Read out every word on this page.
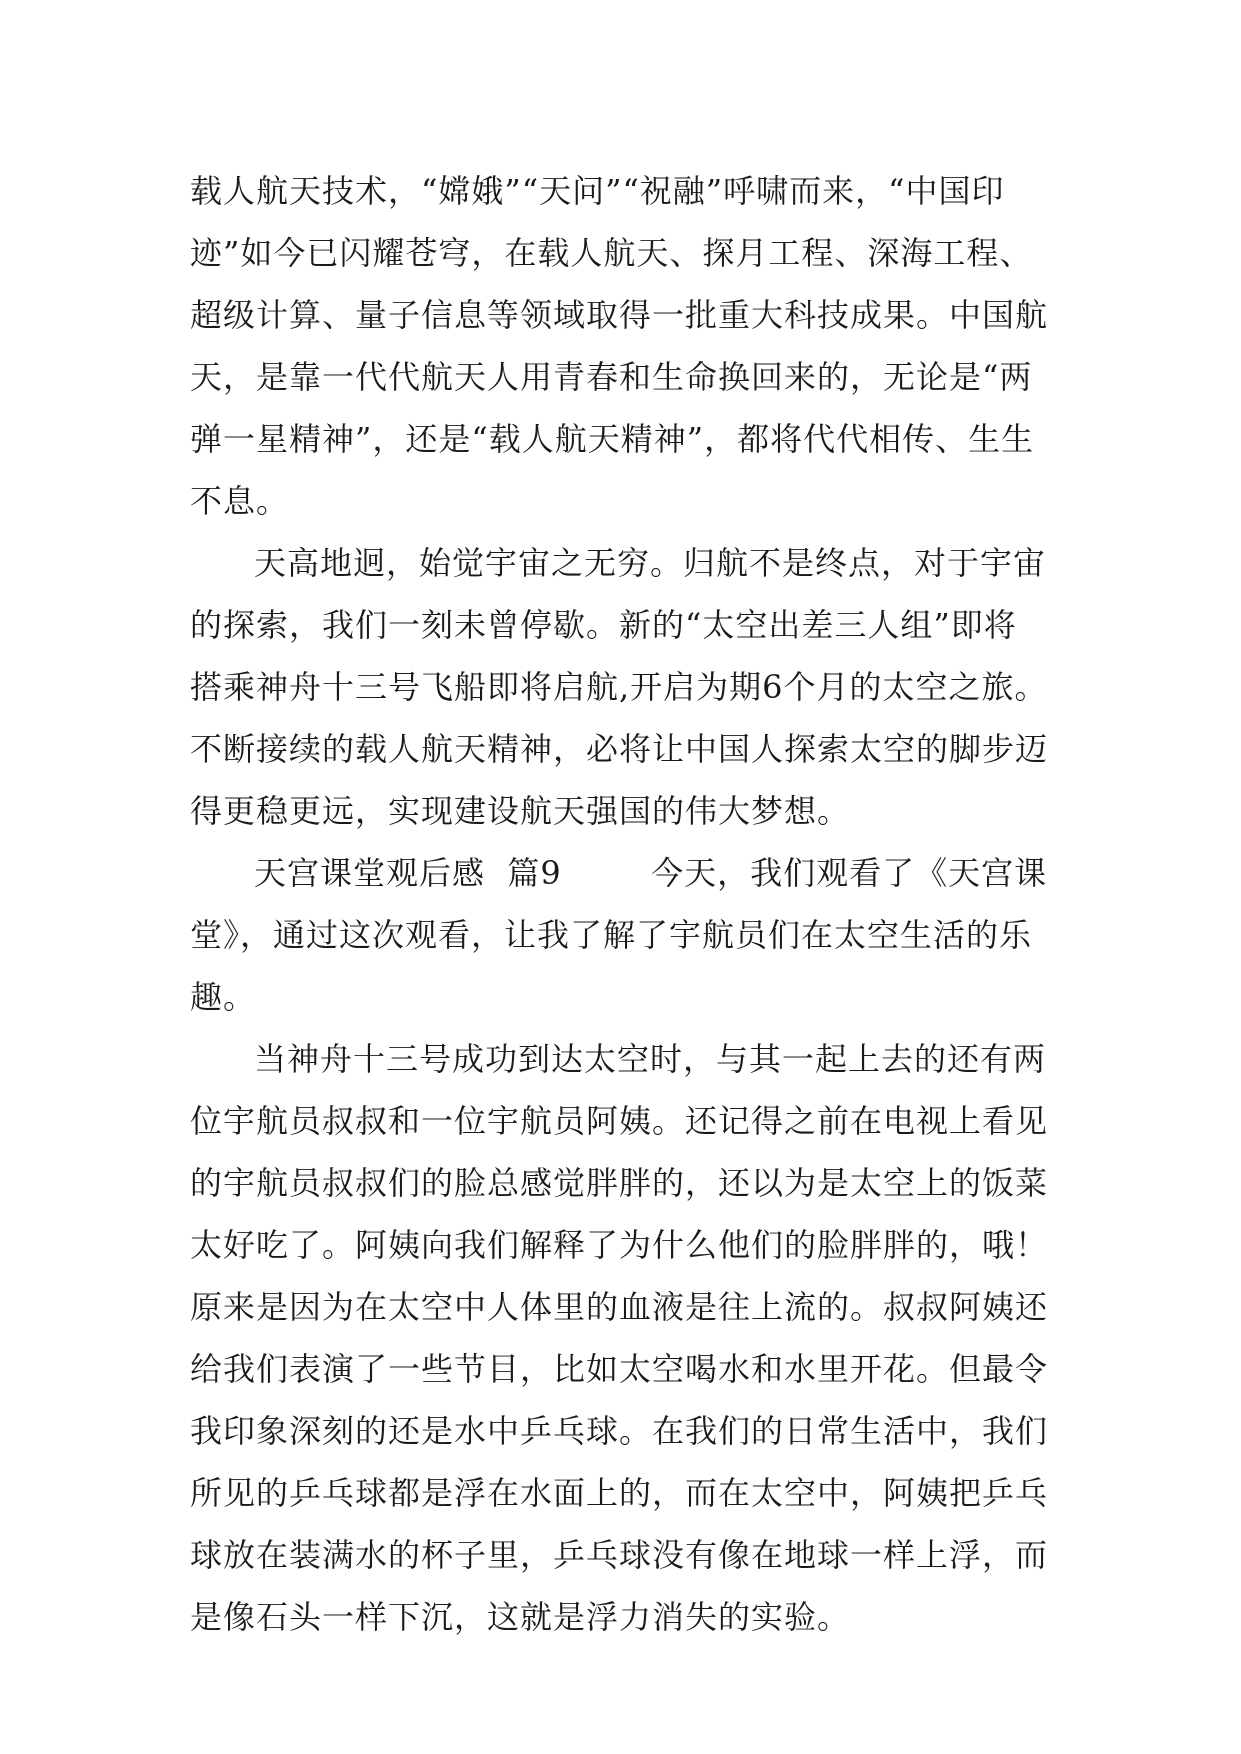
载人航天技术，“嫦娥”“天问”“祝融”呼啸而来，“中国印
迹”如今已闪耀苍穹，在载人航天、探月工程、深海工程、
超级计算、量子信息等领域取得一批重大科技成果。中国航
天，是靠一代代航天人用青春和生命换回来的，无论是“两
弹一星精神”，还是“载人航天精神”，都将代代相传、生生
不息。
天高地迥，始觉宇宙之无穷。归航不是终点，对于宇宙
的探索，我们一刻未曾停歇。新的“太空出差三人组”即将
搭乘神舟十三号飞船即将启航,开启为期6个月的太空之旅。
不断接续的载人航天精神，必将让中国人探索太空的脚步迈
得更稳更远，实现建设航天强国的伟大梦想。
天宫课堂观后感  篇9        今天，我们观看了《天宫课
堂》，通过这次观看，让我了解了宇航员们在太空生活的乐
趣。
当神舟十三号成功到达太空时，与其一起上去的还有两
位宇航员叔叔和一位宇航员阿姨。还记得之前在电视上看见
的宇航员叔叔们的脸总感觉胖胖的，还以为是太空上的饭菜
太好吃了。阿姨向我们解释了为什么他们的脸胖胖的，哦！
原来是因为在太空中人体里的血液是往上流的。叔叔阿姨还
给我们表演了一些节目，比如太空喝水和水里开花。但最令
我印象深刻的还是水中乒乓球。在我们的日常生活中，我们
所见的乒乓球都是浮在水面上的，而在太空中，阿姨把乒乓
球放在装满水的杯子里，乒乓球没有像在地球一样上浮，而
是像石头一样下沉，这就是浮力消失的实验。
